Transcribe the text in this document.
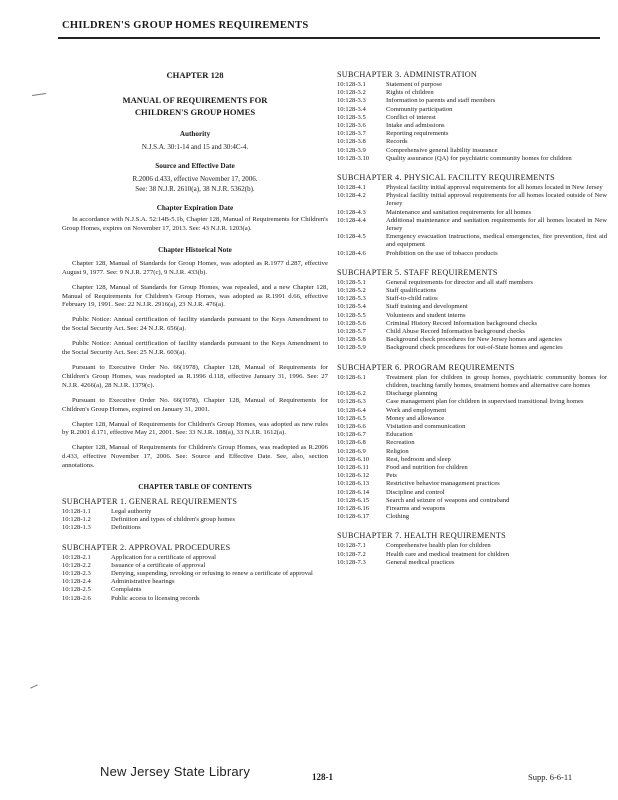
CHILDREN'S GROUP HOMES REQUIREMENTS
CHAPTER 128
MANUAL OF REQUIREMENTS FOR
CHILDREN'S GROUP HOMES
Authority
N.J.S.A. 30:1-14 and 15 and 30:4C-4.
Source and Effective Date
R.2006 d.433, effective November 17, 2006.
See: 38 N.J.R. 2610(a), 38 N.J.R. 5362(b).
Chapter Expiration Date

In accordance with N.J.S.A. 52:14B-5.1b, Chapter 128, Manual of Requirements for Children's Group Homes, expires on November 17, 2013. See: 43 N.J.R. 1203(a).

Chapter Historical Note

Chapter 128, Manual of Standards for Group Homes, was adopted as R.1977 d.287, effective August 9, 1977. See: 9 N.J.R. 277(c), 9 N.J.R. 433(b).

Chapter 128, Manual of Standards for Group Homes, was repealed, and a new Chapter 128, Manual of Requirements for Children's Group Homes, was adopted as R.1991 d.66, effective February 19, 1991. See: 22 N.J.R. 2916(a), 23 N.J.R. 476(a).

Public Notice: Annual certification of facility standards pursuant to the Keys Amendment to the Social Security Act. See: 24 N.J.R. 656(a).

Public Notice: Annual certification of facility standards pursuant to the Keys Amendment to the Social Security Act. See: 25 N.J.R. 603(a).

Pursuant to Executive Order No. 66(1978), Chapter 128, Manual of Requirements for Children's Group Homes, was readopted as R.1996 d.118, effective January 31, 1996. See: 27 N.J.R. 4266(a), 28 N.J.R. 1379(c).

Pursuant to Executive Order No. 66(1978), Chapter 128, Manual of Requirements for Children's Group Homes, expired on January 31, 2001.

Chapter 128, Manual of Requirements for Children's Group Homes, was adopted as new rules by R.2001 d.171, effective May 21, 2001. See: 33 N.J.R. 188(a), 33 N.J.R. 1612(a).

Chapter 128, Manual of Requirements for Children's Group Homes, was readopted as R.2006 d.433, effective November 17, 2006. See: Source and Effective Date. See, also, section annotations.

CHAPTER TABLE OF CONTENTS
SUBCHAPTER 1. GENERAL REQUIREMENTS
10:128-1.1	Legal authority
10:128-1.2	Definition and types of children's group homes
10:128-1.3	Definitions
SUBCHAPTER 2. APPROVAL PROCEDURES
10:128-2.1	Application for a certificate of approval
10:128-2.2	Issuance of a certificate of approval
10:128-2.3	Denying, suspending, revoking or refusing to renew a certificate of approval
10:128-2.4	Administrative hearings
10:128-2.5	Complaints
10:128-2.6	Public access to licensing records
SUBCHAPTER 3. ADMINISTRATION
10:128-3.1	Statement of purpose
10:128-3.2	Rights of children
10:128-3.3	Information to parents and staff members
10:128-3.4	Community participation
10:128-3.5	Conflict of interest
10:128-3.6	Intake and admissions
10:128-3.7	Reporting requirements
10:128-3.8	Records
10:128-3.9	Comprehensive general liability insurance
10:128-3.10	Quality assurance (QA) for psychiatric community homes for children
SUBCHAPTER 4. PHYSICAL FACILITY REQUIREMENTS
10:128-4.1	Physical facility initial approval requirements for all homes located in New Jersey
10:128-4.2	Physical facility initial approval requirements for all homes located outside of New Jersey
10:128-4.3	Maintenance and sanitation requirements for all homes
10:128-4.4	Additional maintenance and sanitation requirements for all homes located in New Jersey
10:128-4.5	Emergency evacuation instructions, medical emergencies, fire prevention, first aid and equipment
10:128-4.6	Prohibition on the use of tobacco products
SUBCHAPTER 5. STAFF REQUIREMENTS
10:128-5.1	General requirements for director and all staff members
10:128-5.2	Staff qualifications
10:128-5.3	Staff-to-child ratios
10:128-5.4	Staff training and development
10:128-5.5	Volunteers and student interns
10:128-5.6	Criminal History Record Information background checks
10:128-5.7	Child Abuse Record Information background checks
10:128-5.8	Background check procedures for New Jersey homes and agencies
10:128-5.9	Background check procedures for out-of-State homes and agencies
SUBCHAPTER 6. PROGRAM REQUIREMENTS
10:128-6.1	Treatment plan for children in group homes, psychiatric community homes for children, teaching family homes, treatment homes and alternative care homes
10:128-6.2	Discharge planning
10:128-6.3	Case management plan for children in supervised transitional living homes
10:128-6.4	Work and employment
10:128-6.5	Money and allowance
10:128-6.6	Visitation and communication
10:128-6.7	Education
10:128-6.8	Recreation
10:128-6.9	Religion
10:128-6.10	Rest, bedroom and sleep
10:128-6.11	Food and nutrition for children
10:128-6.12	Pets
10:128-6.13	Restrictive behavior management practices
10:128-6.14	Discipline and control
10:128-6.15	Search and seizure of weapons and contraband
10:128-6.16	Firearms and weapons
10:128-6.17	Clothing
SUBCHAPTER 7. HEALTH REQUIREMENTS
10:128-7.1	Comprehensive health plan for children
10:128-7.2	Health care and medical treatment for children
10:128-7.3	General medical practices
New Jersey State Library	128-1	Supp. 6-6-11
